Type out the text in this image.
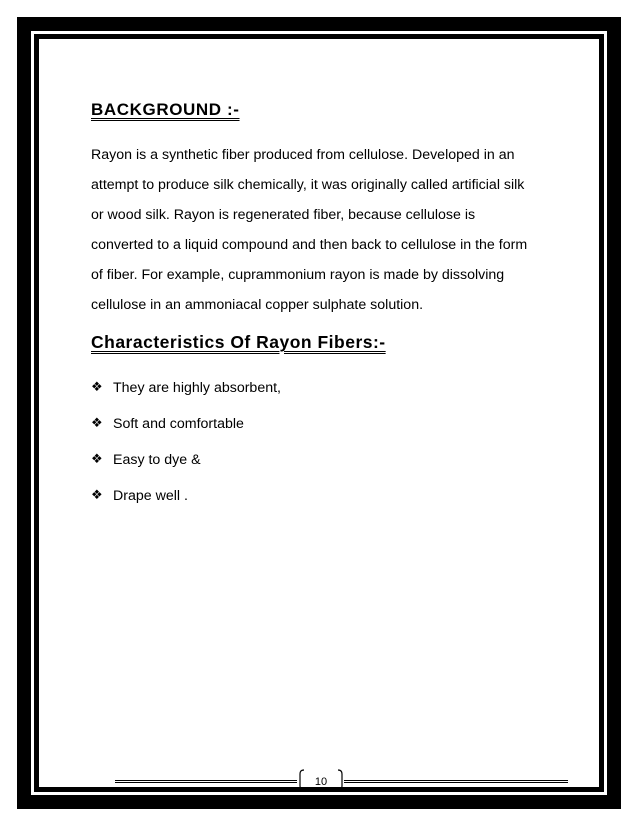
BACKGROUND :-

Rayon is a synthetic fiber produced from cellulose. Developed in an
attempt to produce silk chemically, it was originally called artificial silk
or wood silk. Rayon is regenerated fiber, because cellulose is
converted to a liquid compound and then back to cellulose in the form
of fiber. For example, cuprammonium rayon is made by dissolving
cellulose in an ammoniacal copper sulphate solution.

Characteristics Of Rayon Fibers:-
❖ They are highly absorbent,
❖ Soft and comfortable
❖ Easy to dye &
❖ Drape well .
10
